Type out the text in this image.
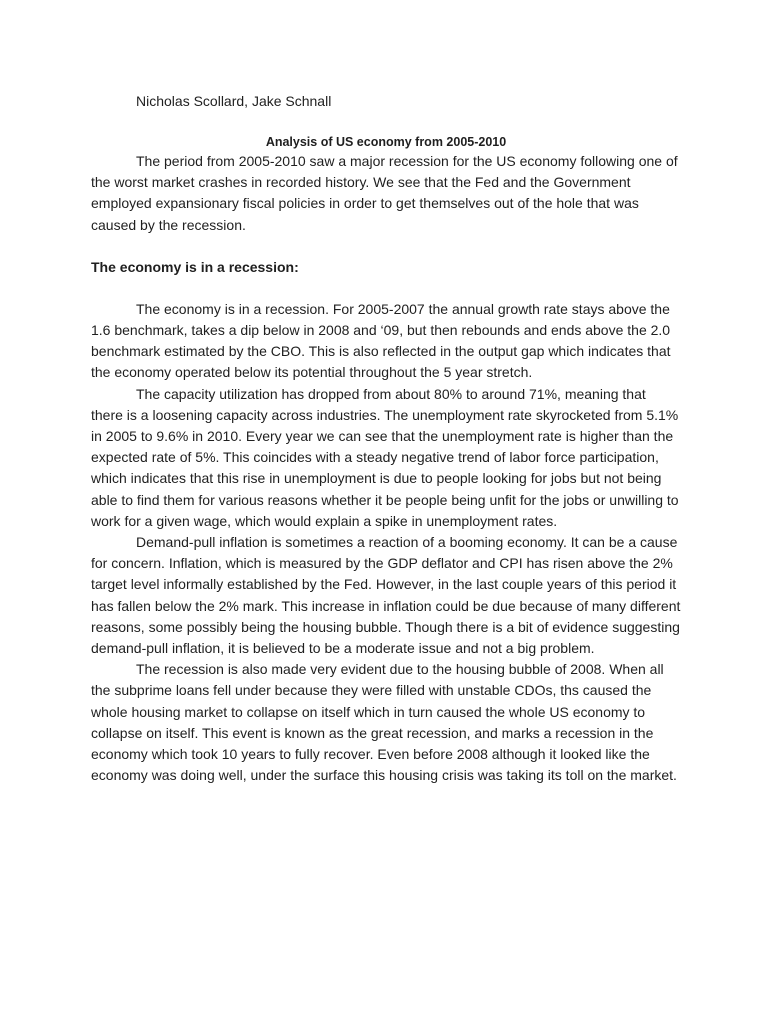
Nicholas Scollard, Jake Schnall

Analysis of US economy from 2005-2010

The period from 2005-2010 saw a major recession for the US economy following one of the worst market crashes in recorded history. We see that the Fed and the Government employed expansionary fiscal policies in order to get themselves out of the hole that was caused by the recession.

The economy is in a recession:

The economy is in a recession. For 2005-2007 the annual growth rate stays above the 1.6 benchmark, takes a dip below in 2008 and ‘09, but then rebounds and ends above the 2.0 benchmark estimated by the CBO. This is also reflected in the output gap which indicates that the economy operated below its potential throughout the 5 year stretch.

The capacity utilization has dropped from about 80% to around 71%, meaning that there is a loosening capacity across industries. The unemployment rate skyrocketed from 5.1% in 2005 to 9.6% in 2010. Every year we can see that the unemployment rate is higher than the expected rate of 5%. This coincides with a steady negative trend of labor force participation, which indicates that this rise in unemployment is due to people looking for jobs but not being able to find them for various reasons whether it be people being unfit for the jobs or unwilling to work for a given wage, which would explain a spike in unemployment rates.

Demand-pull inflation is sometimes a reaction of a booming economy. It can be a cause for concern. Inflation, which is measured by the GDP deflator and CPI has risen above the 2% target level informally established by the Fed. However, in the last couple years of this period it has fallen below the 2% mark. This increase in inflation could be due because of many different reasons, some possibly being the housing bubble. Though there is a bit of evidence suggesting demand-pull inflation, it is believed to be a moderate issue and not a big problem.

The recession is also made very evident due to the housing bubble of 2008. When all the subprime loans fell under because they were filled with unstable CDOs, ths caused the whole housing market to collapse on itself which in turn caused the whole US economy to collapse on itself. This event is known as the great recession, and marks a recession in the economy which took 10 years to fully recover. Even before 2008 although it looked like the economy was doing well, under the surface this housing crisis was taking its toll on the market.
